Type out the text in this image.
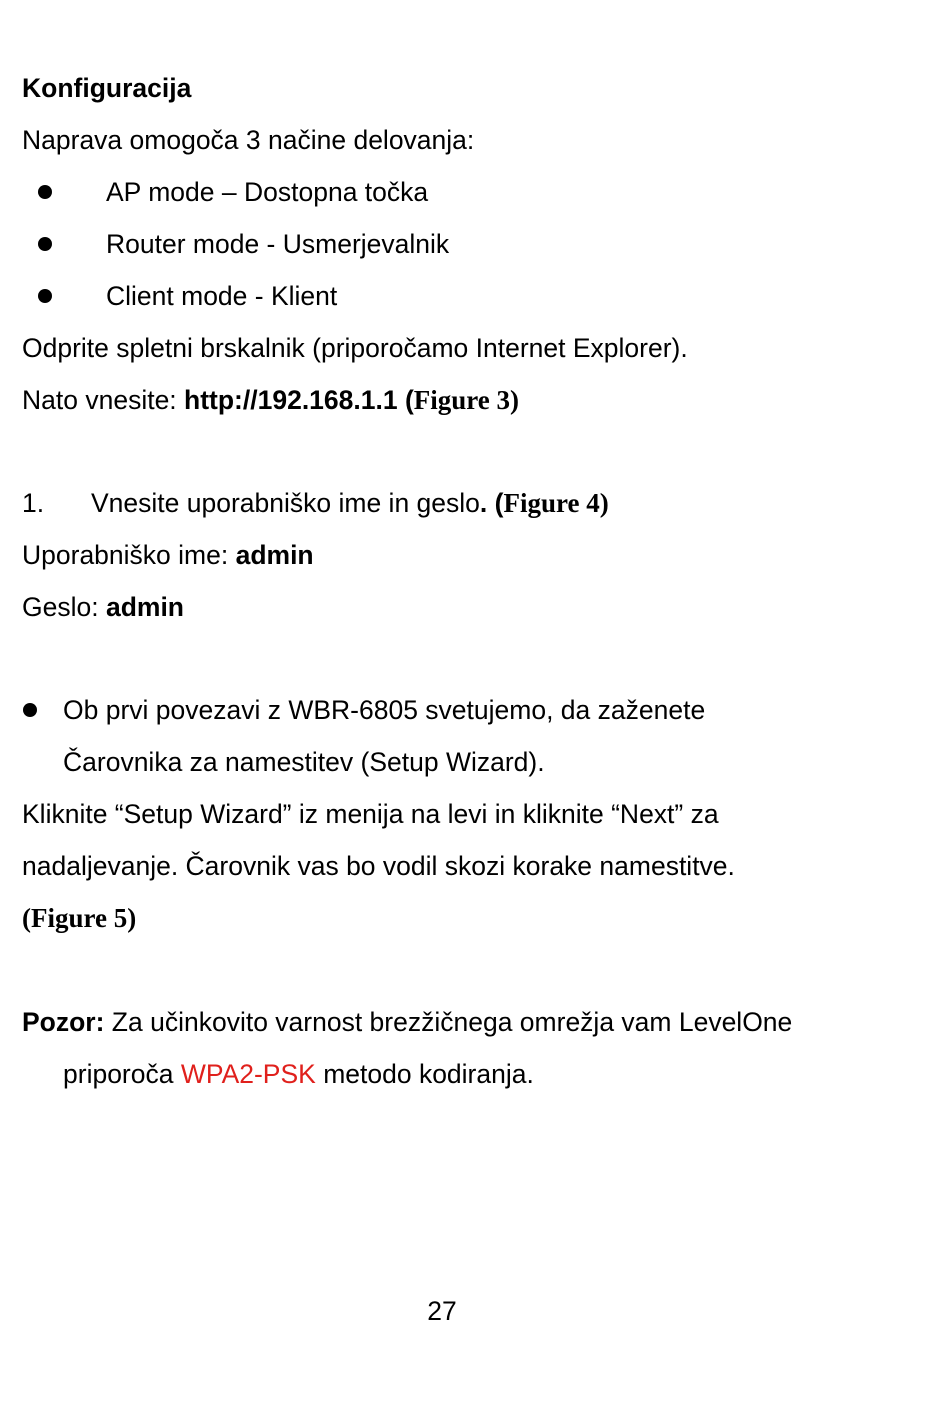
Konfiguracija
Naprava omogoča 3 načine delovanja:
AP mode – Dostopna točka
Router mode - Usmerjevalnik
Client mode - Klient
Odprite spletni brskalnik (priporočamo Internet Explorer).
Nato vnesite: http://192.168.1.1 (Figure 3)
1. Vnesite uporabniško ime in geslo. (Figure 4)
Uporabniško ime: admin
Geslo: admin
Ob prvi povezavi z WBR-6805 svetujemo, da zaženete
Čarovnika za namestitev (Setup Wizard).
Kliknite “Setup Wizard” iz menija na levi in kliknite “Next” za
nadaljevanje. Čarovnik vas bo vodil skozi korake namestitve.
(Figure 5)
Pozor: Za učinkovito varnost brezžičnega omrežja vam LevelOne
priporoča WPA2-PSK metodo kodiranja.
27
